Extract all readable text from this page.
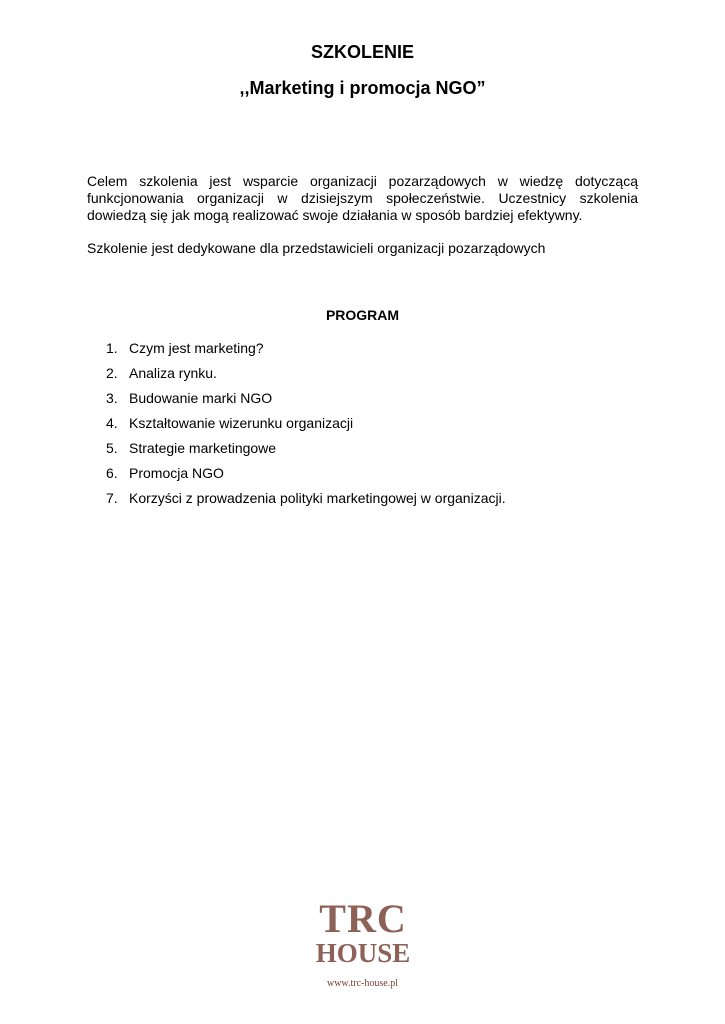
SZKOLENIE
,,Marketing i promocja NGO”

Celem szkolenia jest wsparcie organizacji pozarządowych w wiedzę dotyczącą funkcjonowania organizacji w dzisiejszym społeczeństwie. Uczestnicy szkolenia dowiedzą się jak mogą realizować swoje działania w sposób bardziej efektywny.

Szkolenie jest dedykowane dla przedstawicieli organizacji pozarządowych

PROGRAM
1. Czym jest marketing?
2. Analiza rynku.
3. Budowanie marki NGO
4. Kształtowanie wizerunku organizacji
5. Strategie marketingowe
6. Promocja NGO
7. Korzyści z prowadzenia polityki marketingowej w organizacji.
TRC
HOUSE
www.trc-house.pl
